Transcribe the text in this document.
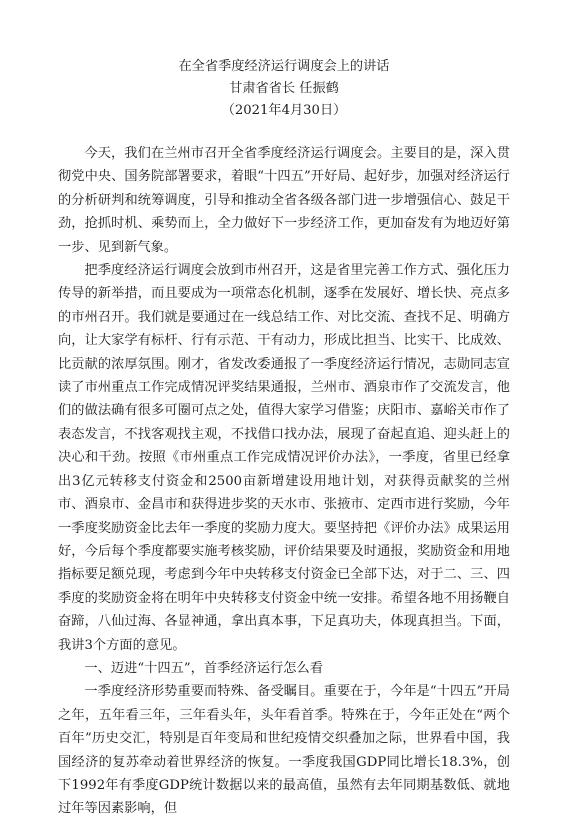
在全省季度经济运行调度会上的讲话
甘肃省省长 任振鹤
（2021年4月30日）

今天，我们在兰州市召开全省季度经济运行调度会。主要目的是，深入贯彻党中央、国务院部署要求，着眼“十四五”开好局、起好步，加强对经济运行的分析研判和统筹调度，引导和推动全省各级各部门进一步增强信心、鼓足干劲，抢抓时机、乘势而上，全力做好下一步经济工作，更加奋发有为地迈好第一步、见到新气象。

把季度经济运行调度会放到市州召开，这是省里完善工作方式、强化压力传导的新举措，而且要成为一项常态化机制，逐季在发展好、增长快、亮点多的市州召开。我们就是要通过在一线总结工作、对比交流、查找不足、明确方向，让大家学有标杆、行有示范、干有动力，形成比担当、比实干、比成效、比贡献的浓厚氛围。刚才，省发改委通报了一季度经济运行情况，志勋同志宣读了市州重点工作完成情况评奖结果通报，兰州市、酒泉市作了交流发言，他们的做法确有很多可圈可点之处，值得大家学习借鉴；庆阳市、嘉峪关市作了表态发言，不找客观找主观，不找借口找办法，展现了奋起直追、迎头赶上的决心和干劲。按照《市州重点工作完成情况评价办法》，一季度，省里已经拿出3亿元转移支付资金和2500亩新增建设用地计划，对获得贡献奖的兰州市、酒泉市、金昌市和获得进步奖的天水市、张掖市、定西市进行奖励，今年一季度奖励资金比去年一季度的奖励力度大。要坚持把《评价办法》成果运用好，今后每个季度都要实施考核奖励，评价结果要及时通报，奖励资金和用地指标要足额兑现，考虑到今年中央转移支付资金已全部下达，对于二、三、四季度的奖励资金将在明年中央转移支付资金中统一安排。希望各地不用扬鞭自奋蹄，八仙过海、各显神通，拿出真本事，下足真功夫，体现真担当。下面，我讲3个方面的意见。

一、迈进“十四五”，首季经济运行怎么看

一季度经济形势重要而特殊、备受瞩目。重要在于，今年是“十四五”开局之年，五年看三年，三年看头年，头年看首季。特殊在于，今年正处在“两个百年”历史交汇，特别是百年变局和世纪疫情交织叠加之际，世界看中国，我国经济的复苏牵动着世界经济的恢复。一季度我国GDP同比增长18.3%，创下1992年有季度GDP统计数据以来的最高值，虽然有去年同期基数低、就地过年等因素影响，但
